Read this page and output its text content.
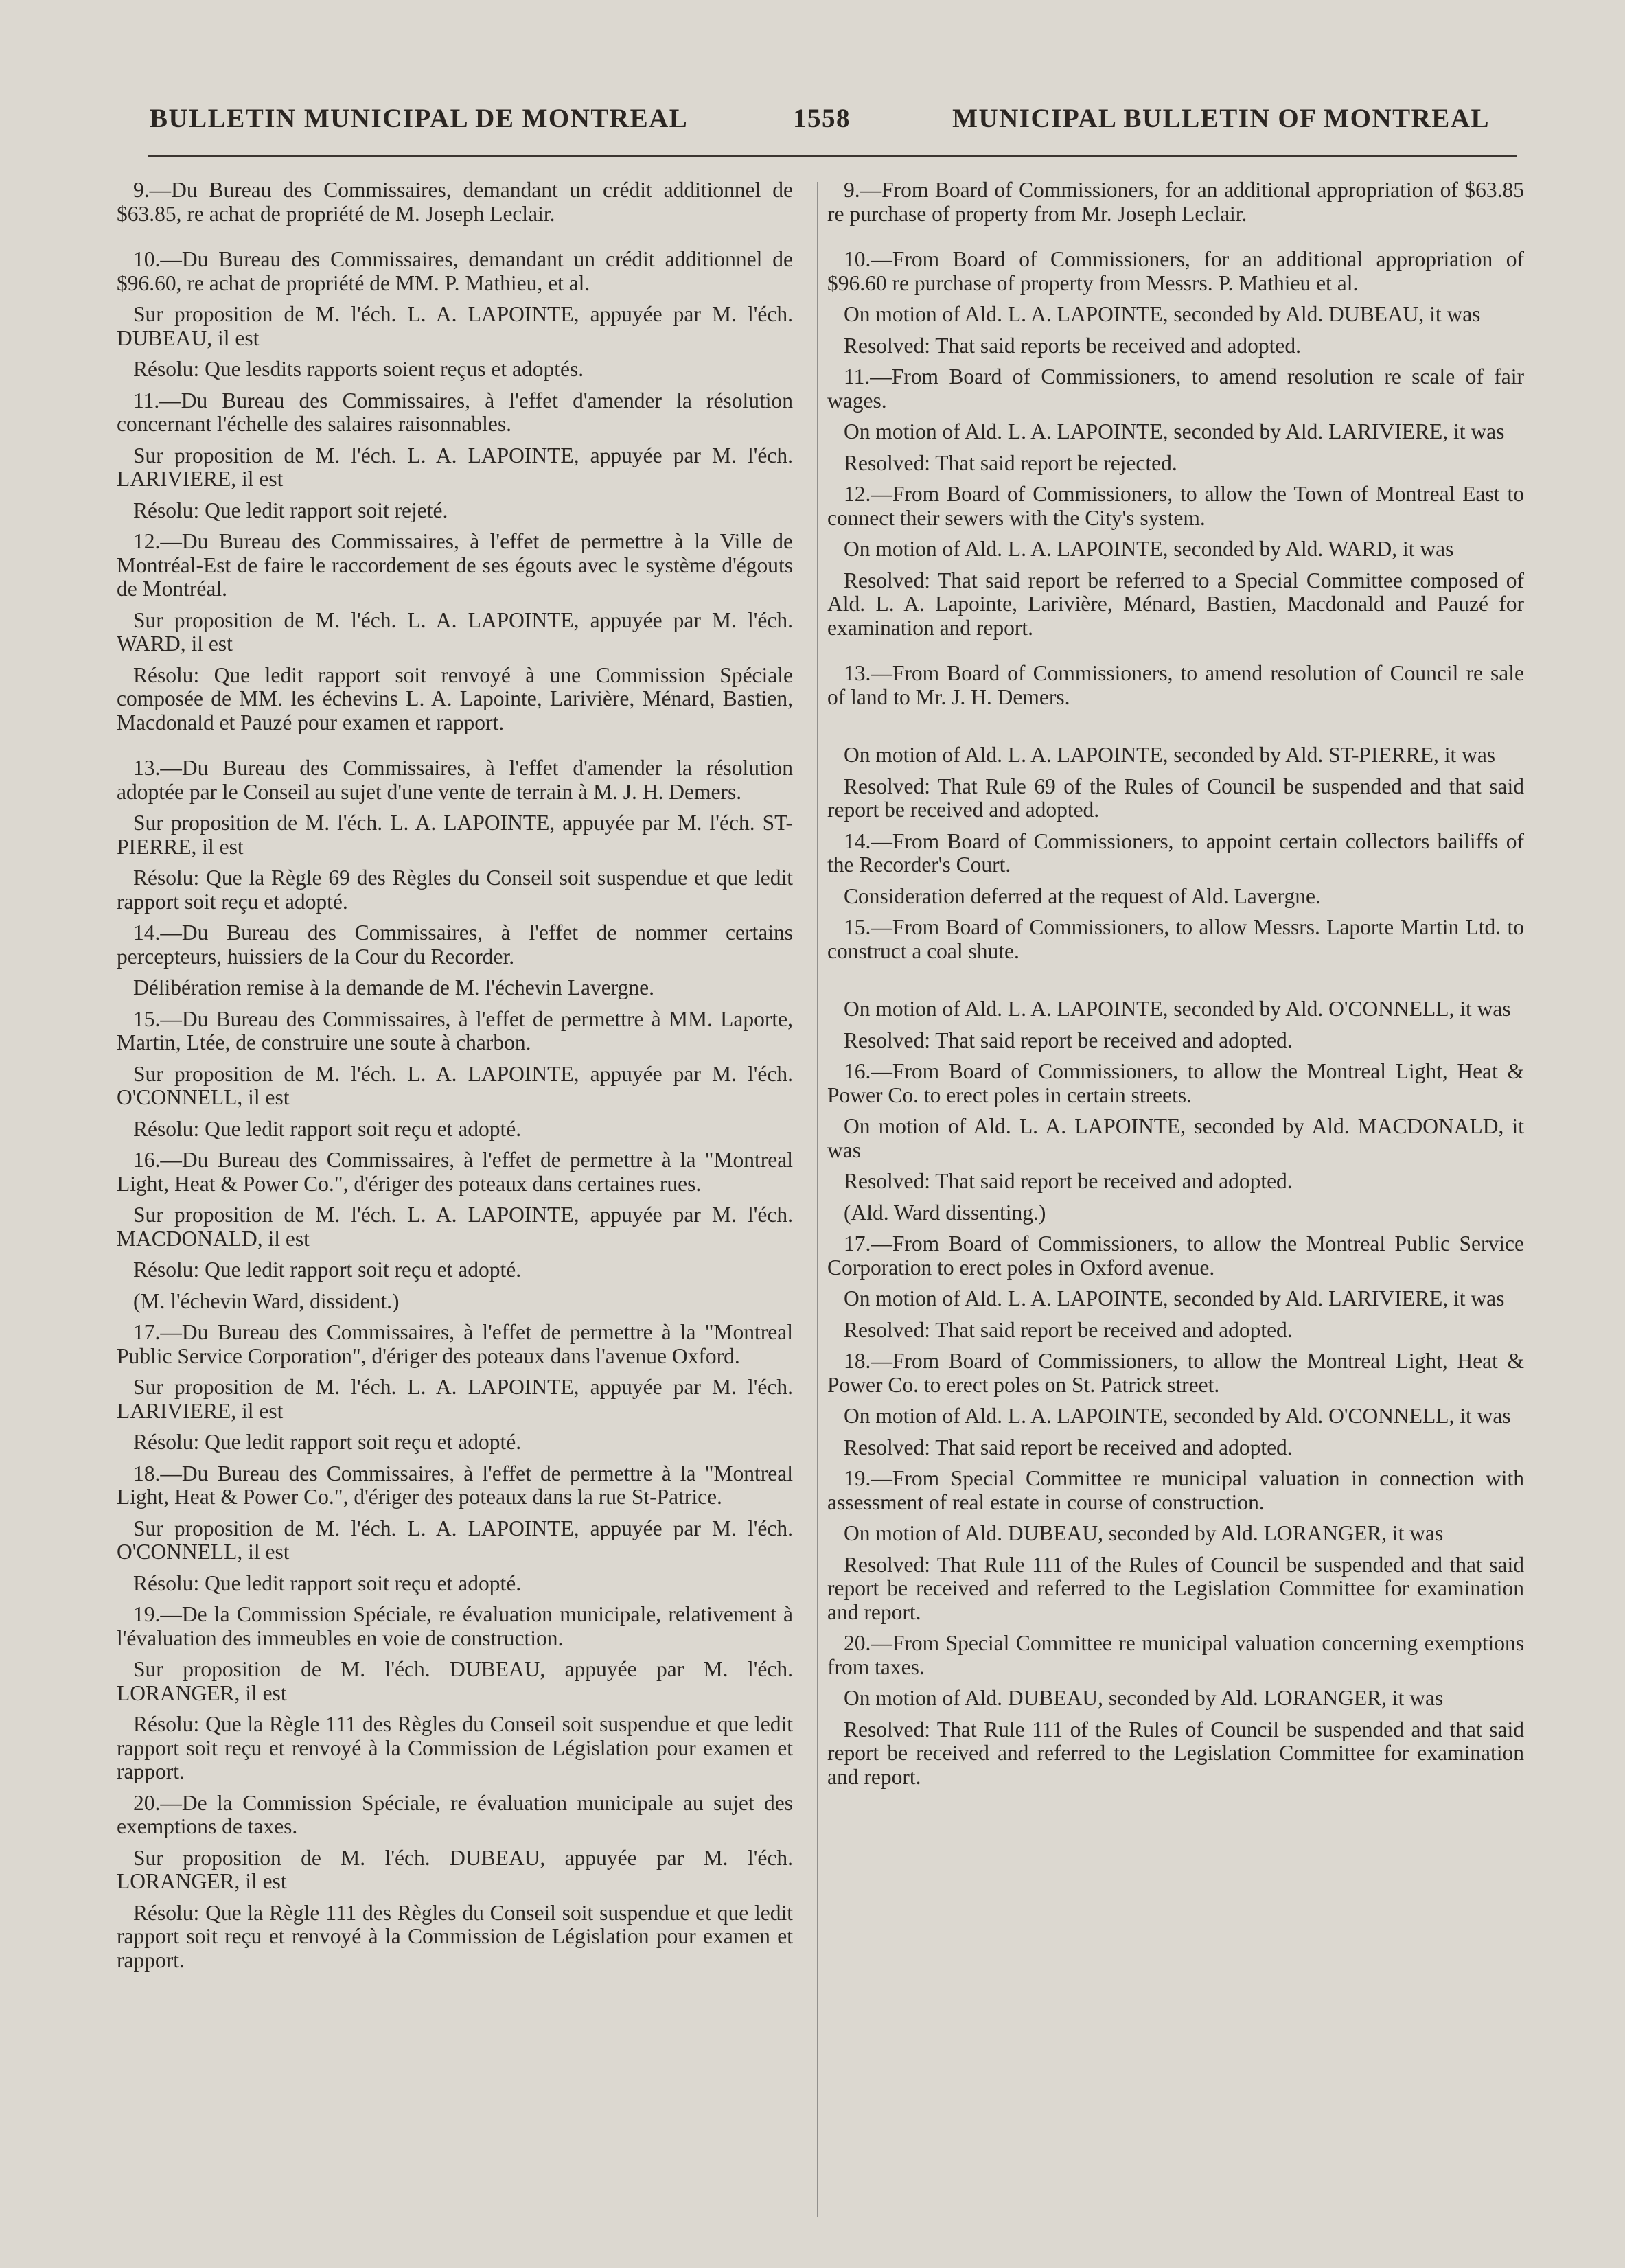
BULLETIN MUNICIPAL DE MONTREAL	1558	MUNICIPAL BULLETIN OF MONTREAL

9.—Du Bureau des Commissaires, demandant un crédit additionnel de $63.85, re achat de propriété de M. Joseph Leclair.

10.—Du Bureau des Commissaires, demandant un crédit additionnel de $96.60, re achat de propriété de MM. P. Mathieu, et al.

Sur proposition de M. l'éch. L. A. LAPOINTE, appuyée par M. l'éch. DUBEAU, il est

Résolu: Que lesdits rapports soient reçus et adoptés.

11.—Du Bureau des Commissaires, à l'effet d'amender la résolution concernant l'échelle des salaires raisonnables.

Sur proposition de M. l'éch. L. A. LAPOINTE, appuyée par M. l'éch. LARIVIERE, il est

Résolu: Que ledit rapport soit rejeté.

12.—Du Bureau des Commissaires, à l'effet de permettre à la Ville de Montréal-Est de faire le raccordement de ses égouts avec le système d'égouts de Montréal.

Sur proposition de M. l'éch. L. A. LAPOINTE, appuyée par M. l'éch. WARD, il est

Résolu: Que ledit rapport soit renvoyé à une Commission Spéciale composée de MM. les échevins L. A. Lapointe, Larivière, Ménard, Bastien, Macdonald et Pauzé pour examen et rapport.

13.—Du Bureau des Commissaires, à l'effet d'amender la résolution adoptée par le Conseil au sujet d'une vente de terrain à M. J. H. Demers.

Sur proposition de M. l'éch. L. A. LAPOINTE, appuyée par M. l'éch. ST-PIERRE, il est

Résolu: Que la Règle 69 des Règles du Conseil soit suspendue et que ledit rapport soit reçu et adopté.

14.—Du Bureau des Commissaires, à l'effet de nommer certains percepteurs, huissiers de la Cour du Recorder.

Délibération remise à la demande de M. l'échevin Lavergne.

15.—Du Bureau des Commissaires, à l'effet de permettre à MM. Laporte, Martin, Ltée, de construire une soute à charbon.

Sur proposition de M. l'éch. L. A. LAPOINTE, appuyée par M. l'éch. O'CONNELL, il est

Résolu: Que ledit rapport soit reçu et adopté.

16.—Du Bureau des Commissaires, à l'effet de permettre à la "Montreal Light, Heat & Power Co.", d'ériger des poteaux dans certaines rues.

Sur proposition de M. l'éch. L. A. LAPOINTE, appuyée par M. l'éch. MACDONALD, il est

Résolu: Que ledit rapport soit reçu et adopté.

(M. l'échevin Ward, dissident.)

17.—Du Bureau des Commissaires, à l'effet de permettre à la "Montreal Public Service Corporation", d'ériger des poteaux dans l'avenue Oxford.

Sur proposition de M. l'éch. L. A. LAPOINTE, appuyée par M. l'éch. LARIVIERE, il est

Résolu: Que ledit rapport soit reçu et adopté.

18.—Du Bureau des Commissaires, à l'effet de permettre à la "Montreal Light, Heat & Power Co.", d'ériger des poteaux dans la rue St-Patrice.

Sur proposition de M. l'éch. L. A. LAPOINTE, appuyée par M. l'éch. O'CONNELL, il est

Résolu: Que ledit rapport soit reçu et adopté.

19.—De la Commission Spéciale, re évaluation municipale, relativement à l'évaluation des immeubles en voie de construction.

Sur proposition de M. l'éch. DUBEAU, appuyée par M. l'éch. LORANGER, il est

Résolu: Que la Règle 111 des Règles du Conseil soit suspendue et que ledit rapport soit reçu et renvoyé à la Commission de Législation pour examen et rapport.

20.—De la Commission Spéciale, re évaluation municipale au sujet des exemptions de taxes.

Sur proposition de M. l'éch. DUBEAU, appuyée par M. l'éch. LORANGER, il est

Résolu: Que la Règle 111 des Règles du Conseil soit suspendue et que ledit rapport soit reçu et renvoyé à la Commission de Législation pour examen et rapport.

9.—From Board of Commissioners, for an additional appropriation of $63.85 re purchase of property from Mr. Joseph Leclair.

10.—From Board of Commissioners, for an additional appropriation of $96.60 re purchase of property from Messrs. P. Mathieu et al.

On motion of Ald. L. A. LAPOINTE, seconded by Ald. DUBEAU, it was

Resolved: That said reports be received and adopted.

11.—From Board of Commissioners, to amend resolution re scale of fair wages.

On motion of Ald. L. A. LAPOINTE, seconded by Ald. LARIVIERE, it was

Resolved: That said report be rejected.

12.—From Board of Commissioners, to allow the Town of Montreal East to connect their sewers with the City's system.

On motion of Ald. L. A. LAPOINTE, seconded by Ald. WARD, it was

Resolved: That said report be referred to a Special Committee composed of Ald. L. A. Lapointe, Larivière, Ménard, Bastien, Macdonald and Pauzé for examination and report.

13.—From Board of Commissioners, to amend resolution of Council re sale of land to Mr. J. H. Demers.

On motion of Ald. L. A. LAPOINTE, seconded by Ald. ST-PIERRE, it was

Resolved: That Rule 69 of the Rules of Council be suspended and that said report be received and adopted.

14.—From Board of Commissioners, to appoint certain collectors bailiffs of the Recorder's Court.

Consideration deferred at the request of Ald. Lavergne.

15.—From Board of Commissioners, to allow Messrs. Laporte Martin Ltd. to construct a coal shute.

On motion of Ald. L. A. LAPOINTE, seconded by Ald. O'CONNELL, it was

Resolved: That said report be received and adopted.

16.—From Board of Commissioners, to allow the Montreal Light, Heat & Power Co. to erect poles in certain streets.

On motion of Ald. L. A. LAPOINTE, seconded by Ald. MACDONALD, it was

Resolved: That said report be received and adopted.

(Ald. Ward dissenting.)

17.—From Board of Commissioners, to allow the Montreal Public Service Corporation to erect poles in Oxford avenue.

On motion of Ald. L. A. LAPOINTE, seconded by Ald. LARIVIERE, it was

Resolved: That said report be received and adopted.

18.—From Board of Commissioners, to allow the Montreal Light, Heat & Power Co. to erect poles on St. Patrick street.

On motion of Ald. L. A. LAPOINTE, seconded by Ald. O'CONNELL, it was

Resolved: That said report be received and adopted.

19.—From Special Committee re municipal valuation in connection with assessment of real estate in course of construction.

On motion of Ald. DUBEAU, seconded by Ald. LORANGER, it was

Resolved: That Rule 111 of the Rules of Council be suspended and that said report be received and referred to the Legislation Committee for examination and report.

20.—From Special Committee re municipal valuation concerning exemptions from taxes.

On motion of Ald. DUBEAU, seconded by Ald. LORANGER, it was

Resolved: That Rule 111 of the Rules of Council be suspended and that said report be received and referred to the Legislation Committee for examination and report.
